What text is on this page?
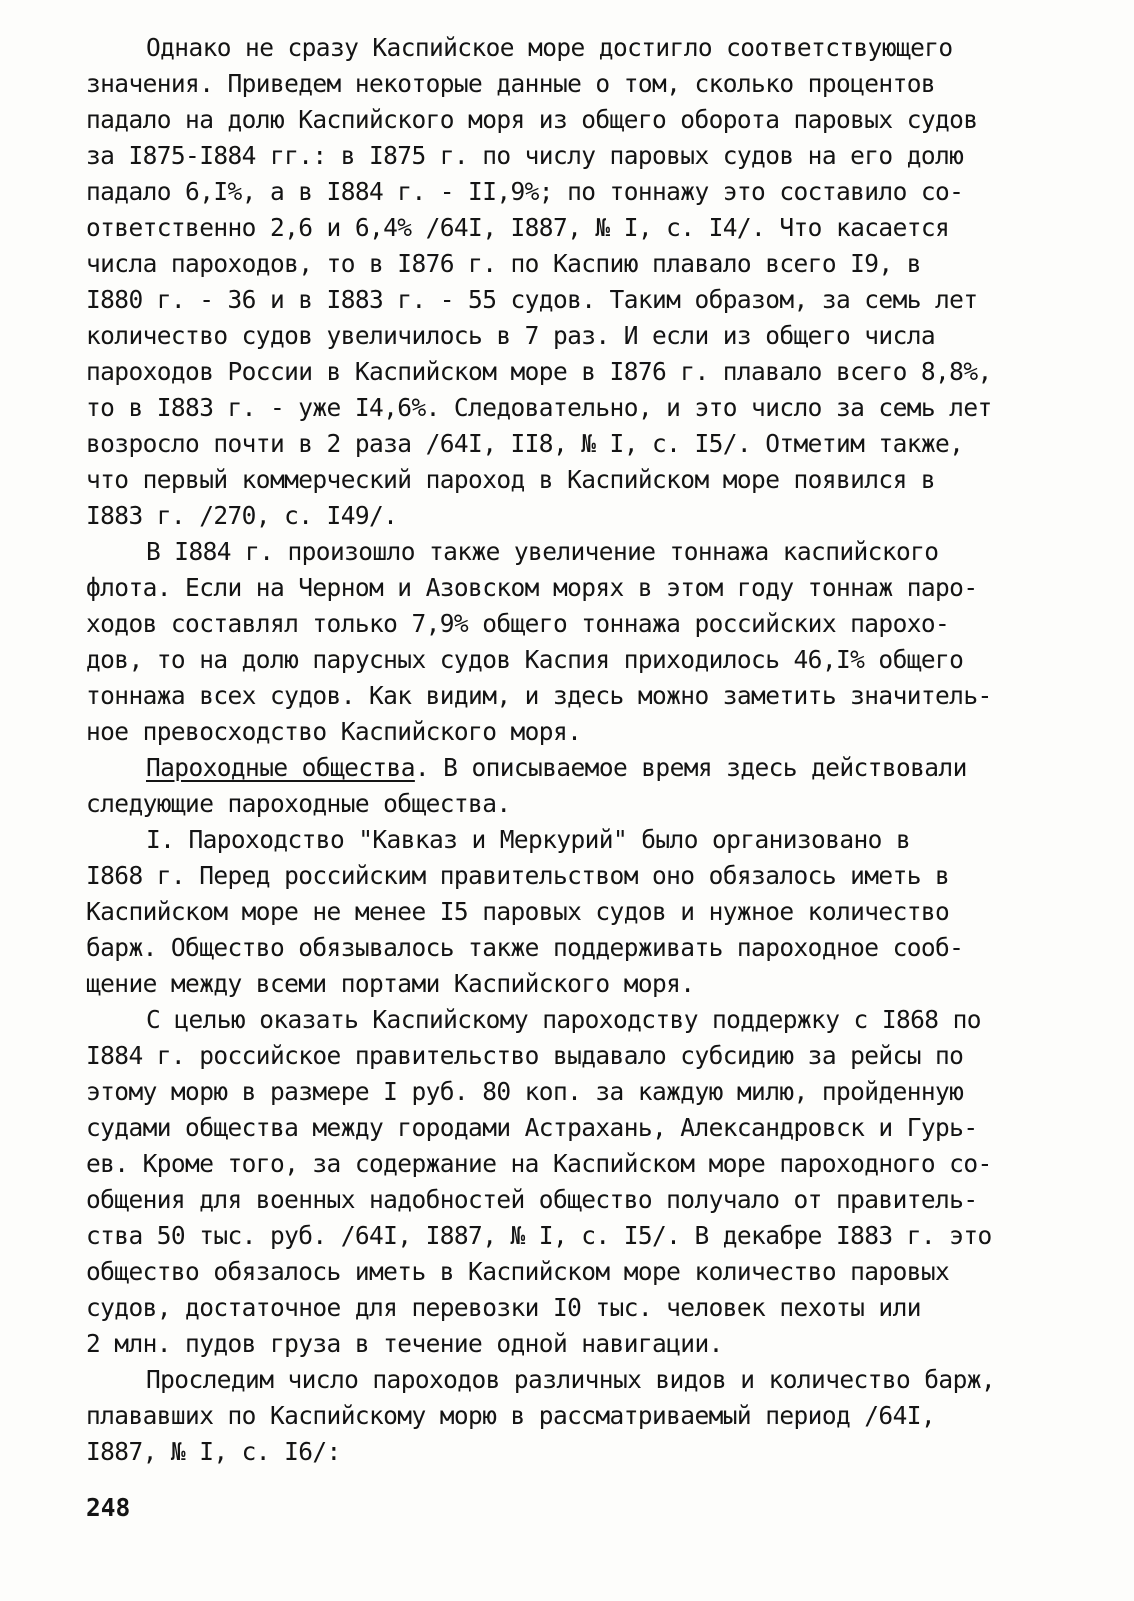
Однако не сразу Каспийское море достигло соответствующего
значения. Приведем некоторые данные о том, сколько процентов
падало на долю Каспийского моря из общего оборота паровых судов
за I875-I884 гг.: в I875 г. по числу паровых судов на его долю
падало 6,I%, а в I884 г. - II,9%; по тоннажу это составило со-
ответственно 2,6 и 6,4% /64I, I887, № I, с. I4/. Что касается
числа пароходов, то в I876 г. по Каспию плавало всего I9, в
I880 г. - 36 и в I883 г. - 55 судов. Таким образом, за семь лет
количество судов увеличилось в 7 раз. И если из общего числа
пароходов России в Каспийском море в I876 г. плавало всего 8,8%,
то в I883 г. - уже I4,6%. Следовательно, и это число за семь лет
возросло почти в 2 раза /64I, II8, № I, с. I5/. Отметим также,
что первый коммерческий пароход в Каспийском море появился в
I883 г. /270, с. I49/.
В I884 г. произошло также увеличение тоннажа каспийского
флота. Если на Черном и Азовском морях в этом году тоннаж паро-
ходов составлял только 7,9% общего тоннажа российских парохо-
дов, то на долю парусных судов Каспия приходилось 46,I% общего
тоннажа всех судов. Как видим, и здесь можно заметить значитель-
ное превосходство Каспийского моря.
Пароходные общества. В описываемое время здесь действовали
следующие пароходные общества.
I. Пароходство "Кавказ и Меркурий" было организовано в
I868 г. Перед российским правительством оно обязалось иметь в
Каспийском море не менее I5 паровых судов и нужное количество
барж. Общество обязывалось также поддерживать пароходное сооб-
щение между всеми портами Каспийского моря.
С целью оказать Каспийскому пароходству поддержку с I868 по
I884 г. российское правительство выдавало субсидию за рейсы по
этому морю в размере I руб. 80 коп. за каждую милю, пройденную
судами общества между городами Астрахань, Александровск и Гурь-
ев. Кроме того, за содержание на Каспийском море пароходного со-
общения для военных надобностей общество получало от правитель-
ства 50 тыс. руб. /64I, I887, № I, с. I5/. В декабре I883 г. это
общество обязалось иметь в Каспийском море количество паровых
судов, достаточное для перевозки I0 тыс. человек пехоты или
2 млн. пудов груза в течение одной навигации.
Проследим число пароходов различных видов и количество барж,
плававших по Каспийскому морю в рассматриваемый период /64I,
I887, № I, с. I6/:
248
